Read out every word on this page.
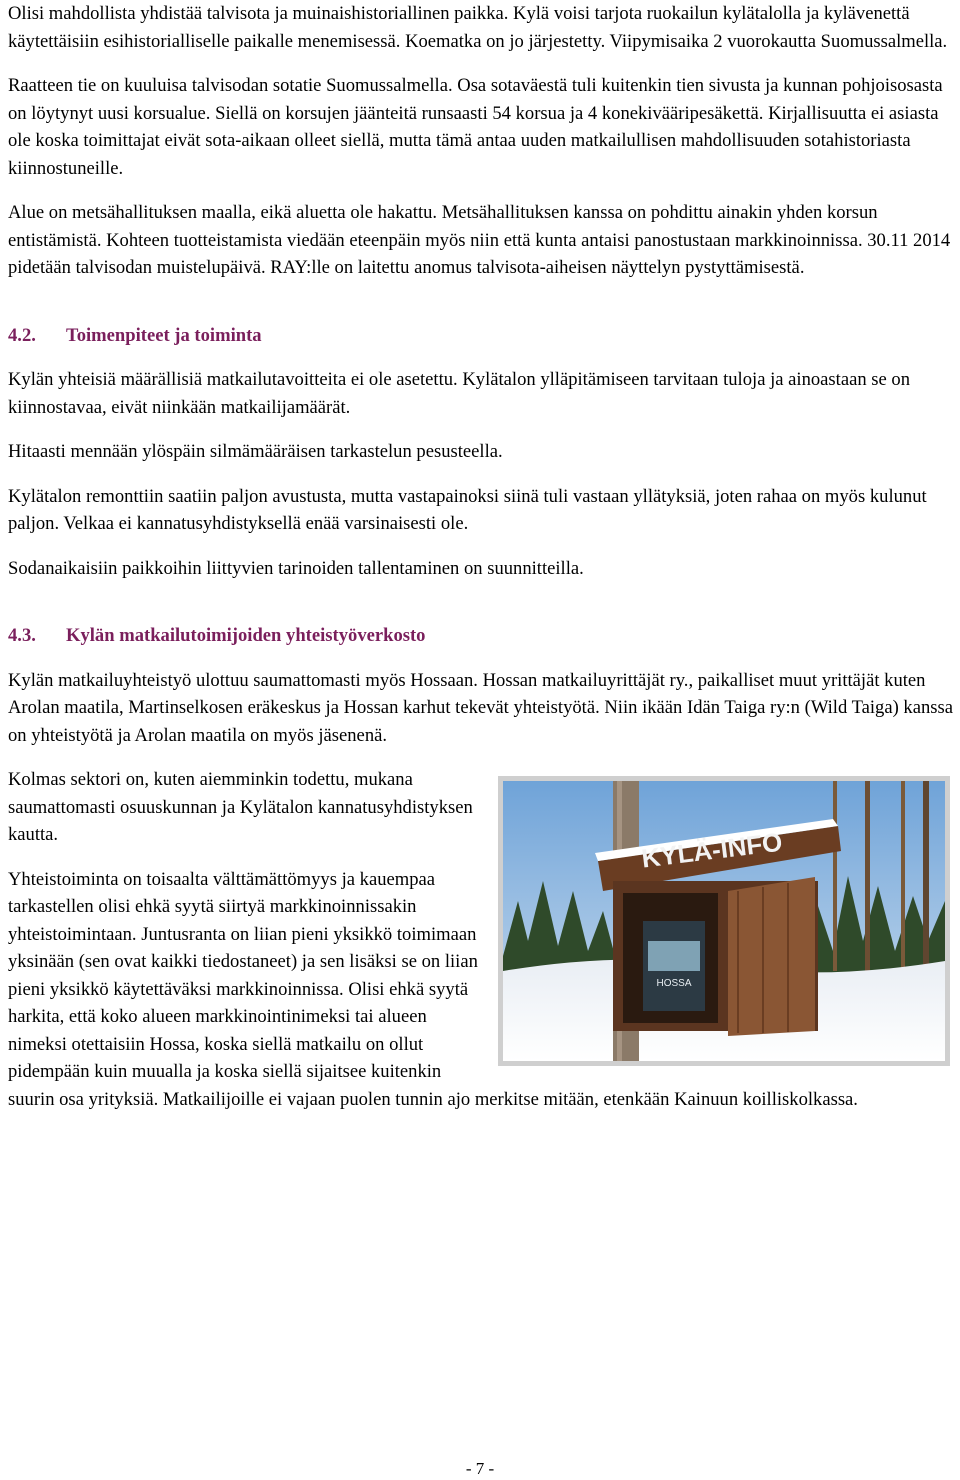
Olisi mahdollista yhdistää talvisota ja muinaishistoriallinen paikka. Kylä voisi tarjota ruokailun kylätalolla ja kylävenettä käytettäisiin esihistorialliselle paikalle menemisessä. Koematka on jo järjestetty. Viipymisaika 2 vuorokautta Suomussalmella.

Raatteen tie on kuuluisa talvisodan sotatie Suomussalmella. Osa sotaväestä tuli kuitenkin tien sivusta ja kunnan pohjoisosasta on löytynyt uusi korsualue. Siellä on korsujen jäänteitä runsaasti 54 korsua ja 4 konekivääripesäkettä. Kirjallisuutta ei asiasta ole koska toimittajat eivät sota-aikaan olleet siellä, mutta tämä antaa uuden matkailullisen mahdollisuuden sotahistoriasta kiinnostuneille.

Alue on metsähallituksen maalla, eikä aluetta ole hakattu. Metsähallituksen kanssa on pohdittu ainakin yhden korsun entistämistä. Kohteen tuotteistamista viedään eteenpäin myös niin että kunta antaisi panostustaan markkinoinnissa. 30.11 2014 pidetään talvisodan muistelupäivä. RAY:lle on laitettu anomus talvisota-aiheisen näyttelyn pystyttämisestä.

4.2. Toimenpiteet ja toiminta

Kylän yhteisiä määrällisiä matkailutavoitteita ei ole asetettu. Kylätalon ylläpitämiseen tarvitaan tuloja ja ainoastaan se on kiinnostavaa, eivät niinkään matkailijamäärät.

Hitaasti mennään ylöspäin silmämääräisen tarkastelun pesusteella.

Kylätalon remonttiin saatiin paljon avustusta, mutta vastapainoksi siinä tuli vastaan yllätyksiä, joten rahaa on myös kulunut paljon. Velkaa ei kannatusyhdistyksellä enää varsinaisesti ole.

Sodanaikaisiin paikkoihin liittyvien tarinoiden tallentaminen on suunnitteilla.

4.3. Kylän matkailutoimijoiden yhteistyöverkosto

Kylän matkailuyhteistyö ulottuu saumattomasti myös Hossaan. Hossan matkailuyrittäjät ry., paikalliset muut yrittäjät kuten Arolan maatila, Martinselkosen eräkeskus ja Hossan karhut tekevät yhteistyötä. Niin ikään Idän Taiga ry:n (Wild Taiga) kanssa on yhteistyötä ja Arolan maatila on myös jäsenenä.

HOSSA
KYLÄ-INFO

Kolmas sektori on, kuten aiemminkin todettu, mukana saumattomasti osuuskunnan ja Kylätalon kannatusyhdistyksen kautta.

Yhteistoiminta on toisaalta välttämättömyys ja kauempaa tarkastellen olisi ehkä syytä siirtyä markkinoinnissakin yhteistoimintaan. Juntusranta on liian pieni yksikkö toimimaan yksinään (sen ovat kaikki tiedostaneet) ja sen lisäksi se on liian pieni yksikkö käytettäväksi markkinoinnissa. Olisi ehkä syytä harkita, että koko alueen markkinointinimeksi tai alueen nimeksi otettaisiin Hossa, koska siellä matkailu on ollut pidempään kuin muualla ja koska siellä sijaitsee kuitenkin suurin osa yrityksiä. Matkailijoille ei vajaan puolen tunnin ajo merkitse mitään, etenkään Kainuun koilliskolkassa.

- 7 -
